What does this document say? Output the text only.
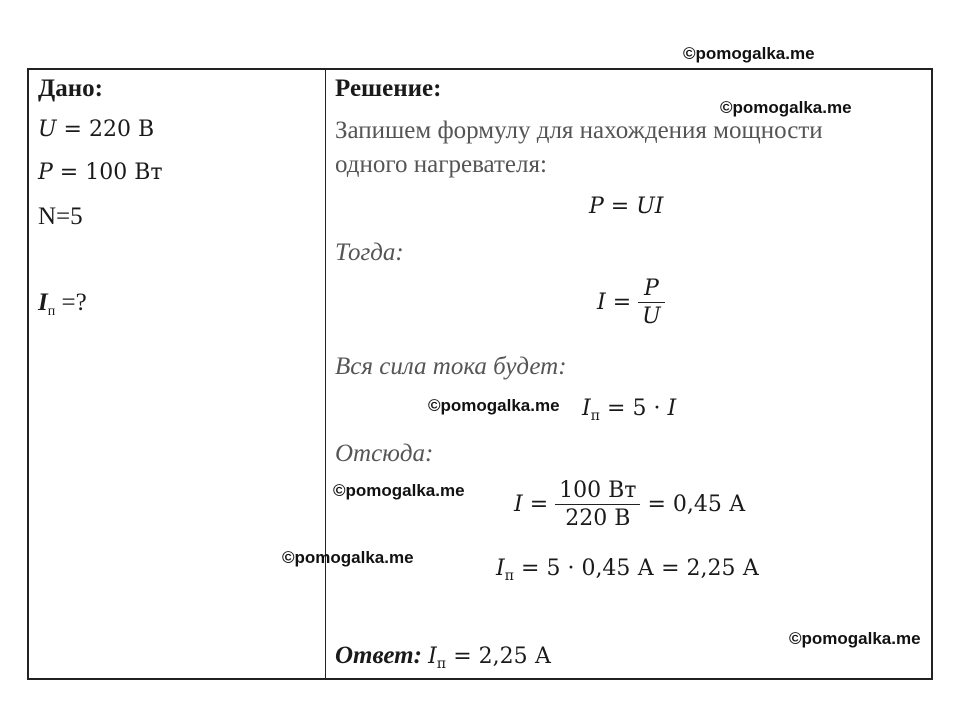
Дано:
U = 220 В
P = 100 Вт
N=5
$I_п$ =?
Решение:
Запишем формулу для нахождения мощности
одного нагревателя:
P = UI
Тогда:
$I = \frac{P}{U}$
Вся сила тока будет:
$I_п = 5 \cdot I$
Отсюда:
$I = \frac{100 Вт}{220 В} = 0,45$ А
$I_п = 5 \cdot 0,45$ А = 2,25 А
Ответ: $I_п = 2,25$ А
©pomogalka.me
©pomogalka.me
©pomogalka.me
©pomogalka.me
©pomogalka.me
©pomogalka.me
